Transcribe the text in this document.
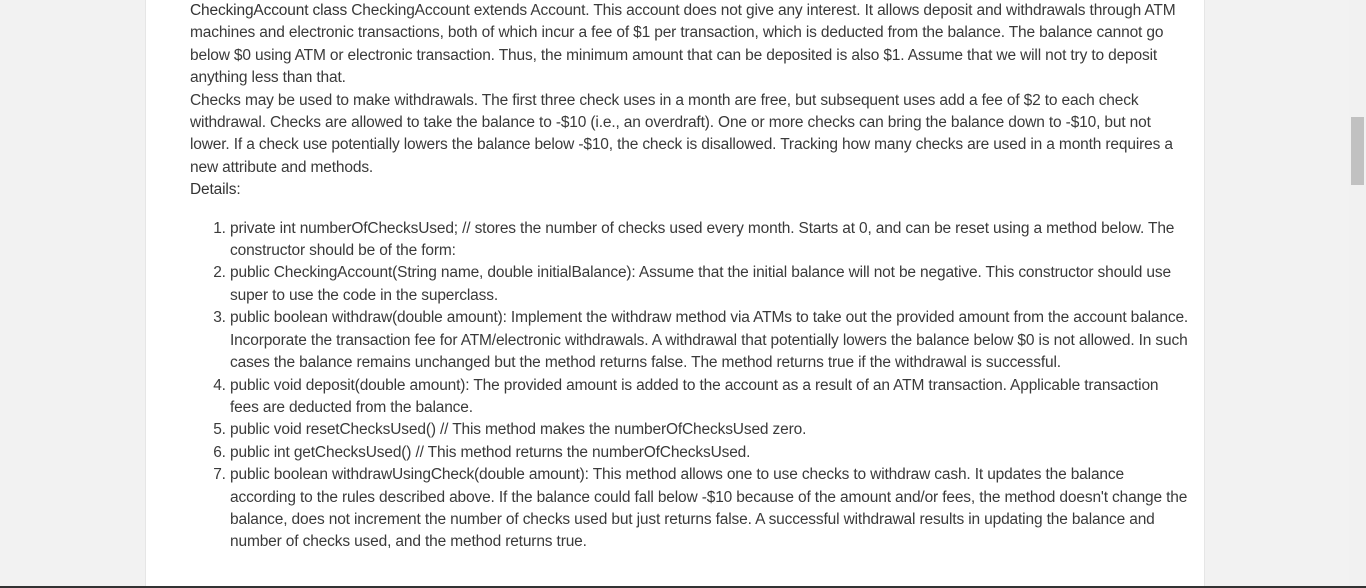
CheckingAccount class CheckingAccount extends Account. This account does not give any interest. It allows deposit and withdrawals through ATM machines and electronic transactions, both of which incur a fee of $1 per transaction, which is deducted from the balance. The balance cannot go below $0 using ATM or electronic transaction. Thus, the minimum amount that can be deposited is also $1. Assume that we will not try to deposit anything less than that.

Checks may be used to make withdrawals. The first three check uses in a month are free, but subsequent uses add a fee of $2 to each check withdrawal. Checks are allowed to take the balance to -$10 (i.e., an overdraft). One or more checks can bring the balance down to -$10, but not lower. If a check use potentially lowers the balance below -$10, the check is disallowed. Tracking how many checks are used in a month requires a new attribute and methods.

Details:

1. private int numberOfChecksUsed; // stores the number of checks used every month. Starts at 0, and can be reset using a method below. The constructor should be of the form:
2. public CheckingAccount(String name, double initialBalance): Assume that the initial balance will not be negative. This constructor should use super to use the code in the superclass.
3. public boolean withdraw(double amount): Implement the withdraw method via ATMs to take out the provided amount from the account balance. Incorporate the transaction fee for ATM/electronic withdrawals. A withdrawal that potentially lowers the balance below $0 is not allowed. In such cases the balance remains unchanged but the method returns false. The method returns true if the withdrawal is successful.
4. public void deposit(double amount): The provided amount is added to the account as a result of an ATM transaction. Applicable transaction fees are deducted from the balance.
5. public void resetChecksUsed() // This method makes the numberOfChecksUsed zero.
6. public int getChecksUsed() // This method returns the numberOfChecksUsed.
7. public boolean withdrawUsingCheck(double amount): This method allows one to use checks to withdraw cash. It updates the balance according to the rules described above. If the balance could fall below -$10 because of the amount and/or fees, the method doesn't change the balance, does not increment the number of checks used but just returns false. A successful withdrawal results in updating the balance and number of checks used, and the method returns true.
